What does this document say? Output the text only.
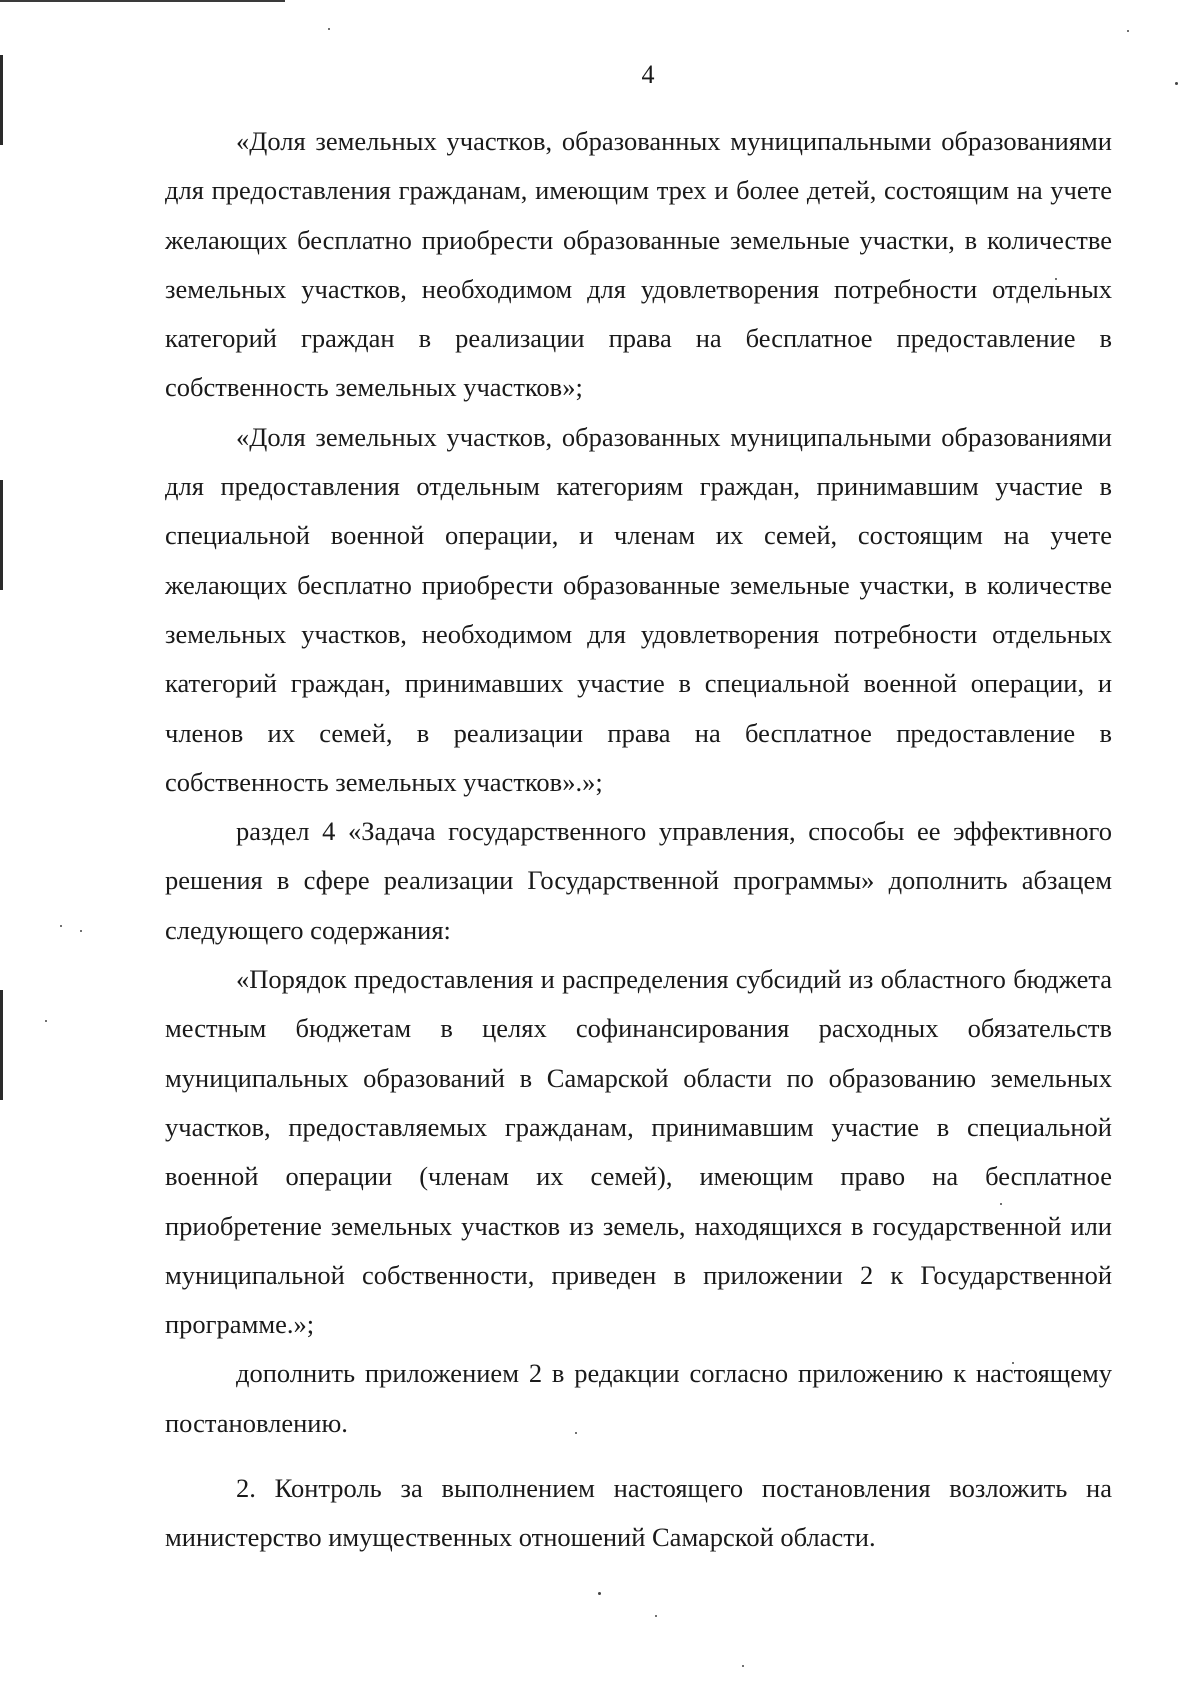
4

«Доля земельных участков, образованных муниципальными образованиями для предоставления гражданам, имеющим трех и более детей, состоящим на учете желающих бесплатно приобрести образованные земельные участки, в количестве земельных участков, необходимом для удовлетворения потребности отдельных категорий граждан в реализации права на бесплатное предоставление в собственность земельных участков»;

«Доля земельных участков, образованных муниципальными образованиями для предоставления отдельным категориям граждан, принимавшим участие в специальной военной операции, и членам их семей, состоящим на учете желающих бесплатно приобрести образованные земельные участки, в количестве земельных участков, необходимом для удовлетворения потребности отдельных категорий граждан, принимавших участие в специальной военной операции, и членов их семей, в реализации права на бесплатное предоставление в собственность земельных участков».»;

раздел 4 «Задача государственного управления, способы ее эффективного решения в сфере реализации Государственной программы» дополнить абзацем следующего содержания:

«Порядок предоставления и распределения субсидий из областного бюджета местным бюджетам в целях софинансирования расходных обязательств муниципальных образований в Самарской области по образованию земельных участков, предоставляемых гражданам, принимавшим участие в специальной военной операции (членам их семей), имеющим право на бесплатное приобретение земельных участков из земель, находящихся в государственной или муниципальной собственности, приведен в приложении 2 к Государственной программе.»;

дополнить приложением 2 в редакции согласно приложению к настоящему постановлению.

2. Контроль за выполнением настоящего постановления возложить на министерство имущественных отношений Самарской области.
